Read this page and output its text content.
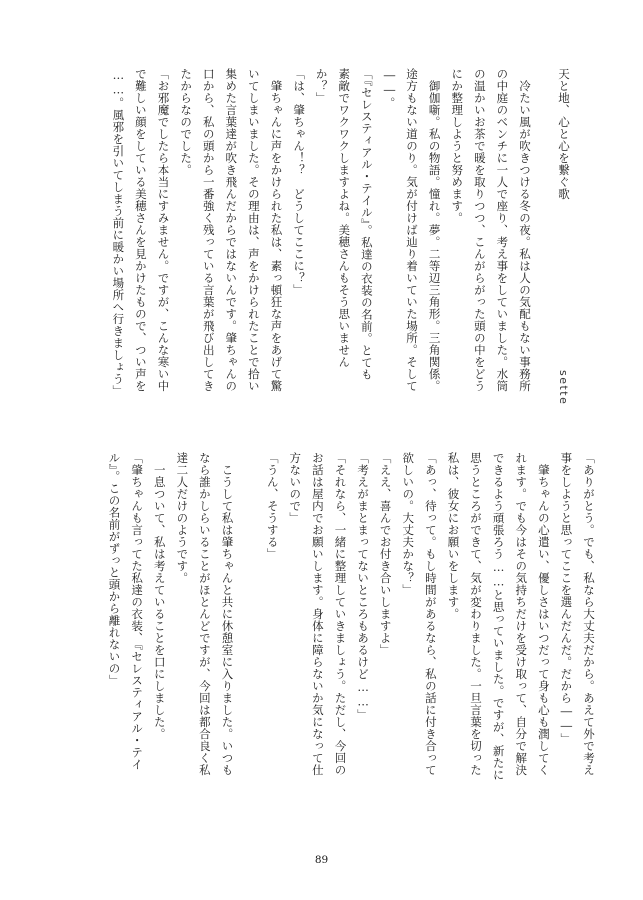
天と地、心と心を繋ぐ歌
sette
　冷たい風が吹きつける冬の夜。私は人の気配もない事務所
の中庭のベンチに一人で座り、考え事をしていました。水筒
の温かいお茶で暖を取りつつ、こんがらがった頭の中をどう
にか整理しようと努めます。
　御伽噺。私の物語。憧れ。夢。二等辺三角形。三角関係。
途方もない道のり。気が付けば辿り着いていた場所。そして
――。
「『セレスティアル・テイル』。私達の衣装の名前。とても
素敵でワクワクしますよね。美穂さんもそう思いません
か？」
「は、肇ちゃん！？　どうしてここに？」
　肇ちゃんに声をかけられた私は、素っ頓狂な声をあげて驚
いてしまいました。その理由は、声をかけられたことで拾い
集めた言葉達が吹き飛んだからではないんです。肇ちゃんの
口から、私の頭から一番強く残っている言葉が飛び出してき
たからなのでした。
「お邪魔でしたら本当にすみません。ですが、こんな寒い中
で難しい顔をしている美穂さんを見かけたもので、つい声を
……。風邪を引いてしまう前に暖かい場所へ行きましょう」
「ありがとう。でも、私なら大丈夫だから。あえて外で考え
事をしようと思ってここを選んだんだ。だから――」
　肇ちゃんの心遣い、優しさはいつだって身も心も潤してく
れます。でも今はその気持ちだけを受け取って、自分で解決
できるよう頑張ろう……と思っていました。ですが、新たに
思うところができて、気が変わりました。一旦言葉を切った
私は、彼女にお願いをします。
「あっ、待って。もし時間があるなら、私の話に付き合って
欲しいの。大丈夫かな？」
「ええ、喜んでお付き合いしますよ」
「考えがまとまってないところもあるけど……」
「それなら、一緒に整理していきましょう。ただし、今回の
お話は屋内でお願いします。身体に障らないか気になって仕
方ないので」
「うん、そうする」

　こうして私は肇ちゃんと共に休憩室に入りました。いつも
なら誰かしらいることがほとんどですが、今回は都合良く私
達二人だけのようです。
　一息ついて、私は考えていることを口にしました。
「肇ちゃんも言ってた私達の衣装、『セレスティアル・テイ
ル』。この名前がずっと頭から離れないの」
89
